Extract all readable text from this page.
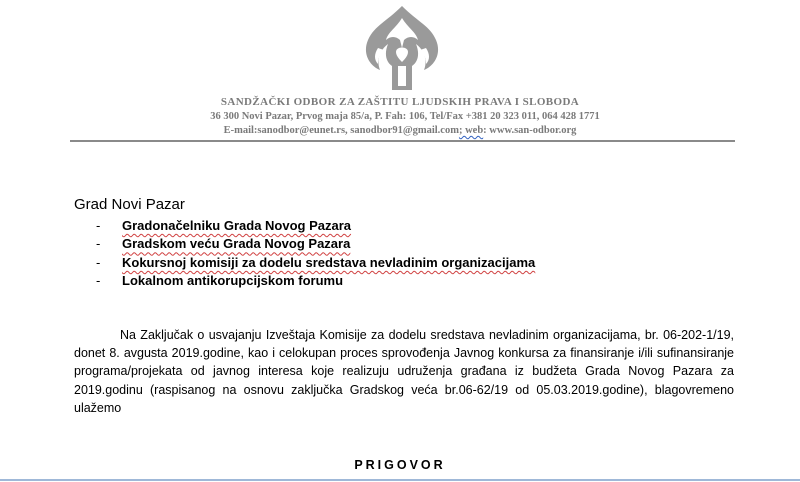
SANDŽAČKI ODBOR ZA ZAŠTITU LJUDSKIH PRAVA I SLOBODA
36 300 Novi Pazar, Prvog maja 85/a, P. Fah: 106, Tel/Fax +381 20 323 011, 064 428 1771
E-mail:sanodbor@eunet.rs, sanodbor91@gmail.com; web: www.san-odbor.org
Grad Novi Pazar
-	Gradonačelniku Grada Novog Pazara
-	Gradskom veću Grada Novog Pazara
-	Kokursnoj komisiji za dodelu sredstava nevladinim organizacijama
-	Lokalnom antikorupcijskom forumu
Na Zaključak o usvajanju Izveštaja Komisije za dodelu sredstava nevladinim organizacijama, br. 06-202-1/19, donet 8. avgusta 2019.godine, kao i celokupan proces sprovođenja Javnog konkursa za finansiranje i/ili sufinansiranje programa/projekata od javnog interesa koje realizuju udruženja građana iz budžeta Grada Novog Pazara za 2019.godinu (raspisanog na osnovu zaključka Gradskog veća br.06-62/19 od 05.03.2019.godine), blagovremeno ulažemo
PRIGOVOR
